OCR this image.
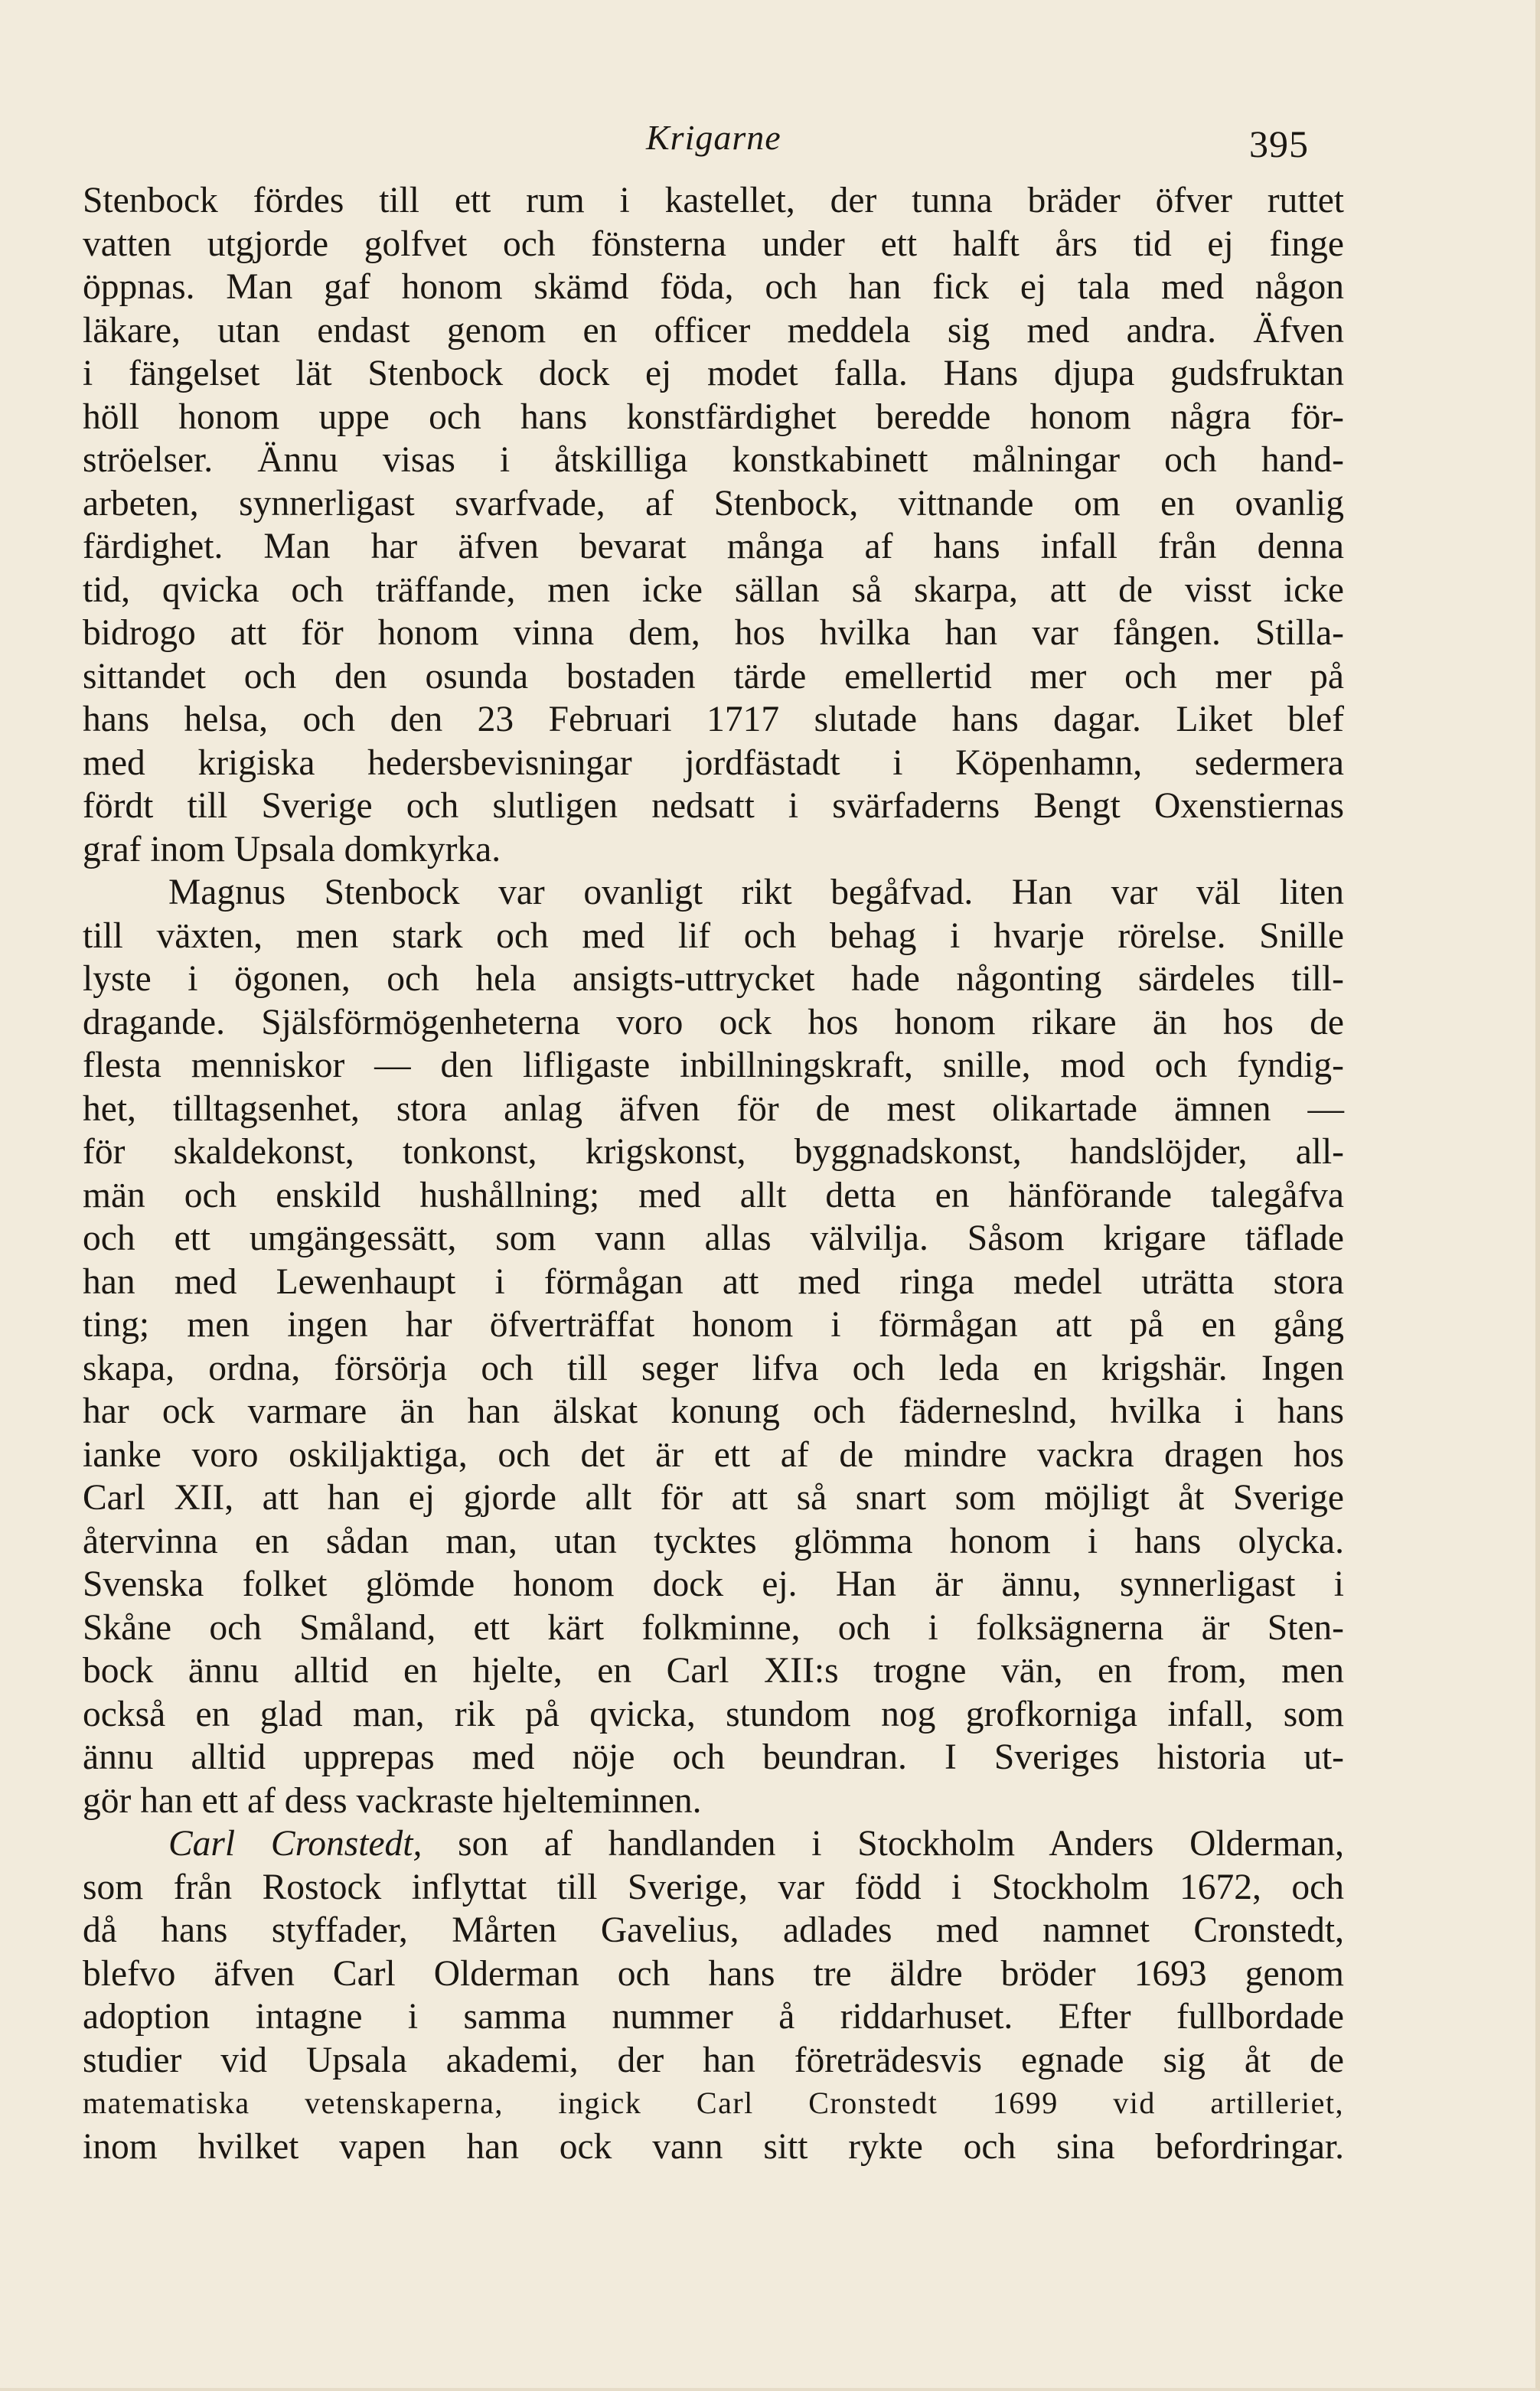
Krigarne	395
Stenbock fördes till ett rum i kastellet, der tunna bräder öfver ruttet
vatten utgjorde golfvet och fönsterna under ett halft års tid ej finge
öppnas. Man gaf honom skämd föda, och han fick ej tala med någon
läkare, utan endast genom en officer meddela sig med andra. Äfven
i fängelset lät Stenbock dock ej modet falla. Hans djupa gudsfruktan
höll honom uppe och hans konstfärdighet beredde honom några för-
ströelser. Ännu visas i åtskilliga konstkabinett målningar och hand-
arbeten, synnerligast svarfvade, af Stenbock, vittnande om en ovanlig
färdighet. Man har äfven bevarat många af hans infall från denna
tid, qvicka och träffande, men icke sällan så skarpa, att de visst icke
bidrogo att för honom vinna dem, hos hvilka han var fången. Stilla-
sittandet och den osunda bostaden tärde emellertid mer och mer på
hans helsa, och den 23 Februari 1717 slutade hans dagar. Liket blef
med krigiska hedersbevisningar jordfästadt i Köpenhamn, sedermera
fördt till Sverige och slutligen nedsatt i svärfaderns Bengt Oxenstiernas
graf inom Upsala domkyrka.
Magnus Stenbock var ovanligt rikt begåfvad. Han var väl liten
till växten, men stark och med lif och behag i hvarje rörelse. Snille
lyste i ögonen, och hela ansigts-uttrycket hade någonting särdeles till-
dragande. Själsförmögenheterna voro ock hos honom rikare än hos de
flesta menniskor — den lifligaste inbillningskraft, snille, mod och fyndig-
het, tilltagsenhet, stora anlag äfven för de mest olikartade ämnen —
för skaldekonst, tonkonst, krigskonst, byggnadskonst, handslöjder, all-
män och enskild hushållning; med allt detta en hänförande talegåfva
och ett umgängessätt, som vann allas välvilja. Såsom krigare täflade
han med Lewenhaupt i förmågan att med ringa medel uträtta stora
ting; men ingen har öfverträffat honom i förmågan att på en gång
skapa, ordna, försörja och till seger lifva och leda en krigshär. Ingen
har ock varmare än han älskat konung och fäderneslnd, hvilka i hans
ianke voro oskiljaktiga, och det är ett af de mindre vackra dragen hos
Carl XII, att han ej gjorde allt för att så snart som möjligt åt Sverige
återvinna en sådan man, utan tycktes glömma honom i hans olycka.
Svenska folket glömde honom dock ej. Han är ännu, synnerligast i
Skåne och Småland, ett kärt folkminne, och i folksägnerna är Sten-
bock ännu alltid en hjelte, en Carl XII:s trogne vän, en from, men
också en glad man, rik på qvicka, stundom nog grofkorniga infall, som
ännu alltid upprepas med nöje och beundran. I Sveriges historia ut-
gör han ett af dess vackraste hjelteminnen.
Carl Cronstedt, son af handlanden i Stockholm Anders Olderman,
som från Rostock inflyttat till Sverige, var född i Stockholm 1672, och
då hans styffader, Mårten Gavelius, adlades med namnet Cronstedt,
blefvo äfven Carl Olderman och hans tre äldre bröder 1693 genom
adoption intagne i samma nummer å riddarhuset. Efter fullbordade
studier vid Upsala akademi, der han företrädesvis egnade sig åt de
matematiska vetenskaperna, ingick Carl Cronstedt 1699 vid artilleriet,
inom hvilket vapen han ock vann sitt rykte och sina befordringar.
